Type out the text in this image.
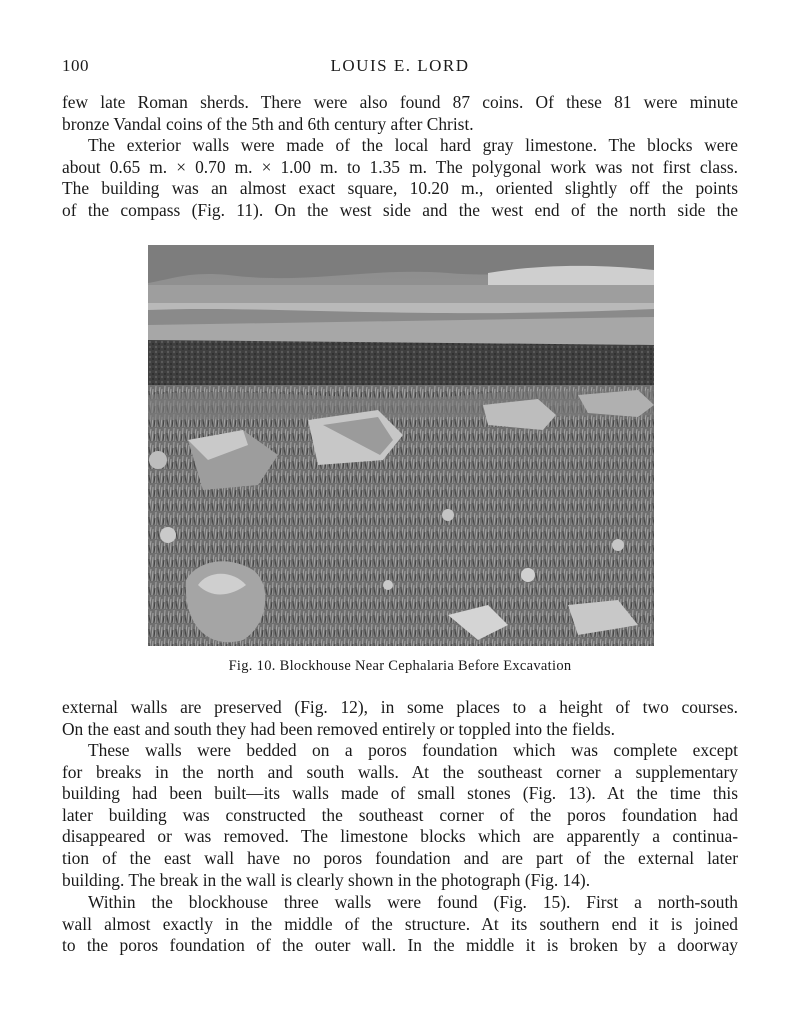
100	LOUIS E. LORD
few late Roman sherds. There were also found 87 coins. Of these 81 were minute
bronze Vandal coins of the 5th and 6th century after Christ.
The exterior walls were made of the local hard gray limestone. The blocks were
about 0.65 m. × 0.70 m. × 1.00 m. to 1.35 m. The polygonal work was not first class.
The building was an almost exact square, 10.20 m., oriented slightly off the points
of the compass (Fig. 11). On the west side and the west end of the north side the
Fig. 10. Blockhouse Near Cephalaria Before Excavation
external walls are preserved (Fig. 12), in some places to a height of two courses.
On the east and south they had been removed entirely or toppled into the fields.
These walls were bedded on a poros foundation which was complete except
for breaks in the north and south walls. At the southeast corner a supplementary
building had been built—its walls made of small stones (Fig. 13). At the time this
later building was constructed the southeast corner of the poros foundation had
disappeared or was removed. The limestone blocks which are apparently a continua-
tion of the east wall have no poros foundation and are part of the external later
building. The break in the wall is clearly shown in the photograph (Fig. 14).
Within the blockhouse three walls were found (Fig. 15). First a north-south
wall almost exactly in the middle of the structure. At its southern end it is joined
to the poros foundation of the outer wall. In the middle it is broken by a doorway
